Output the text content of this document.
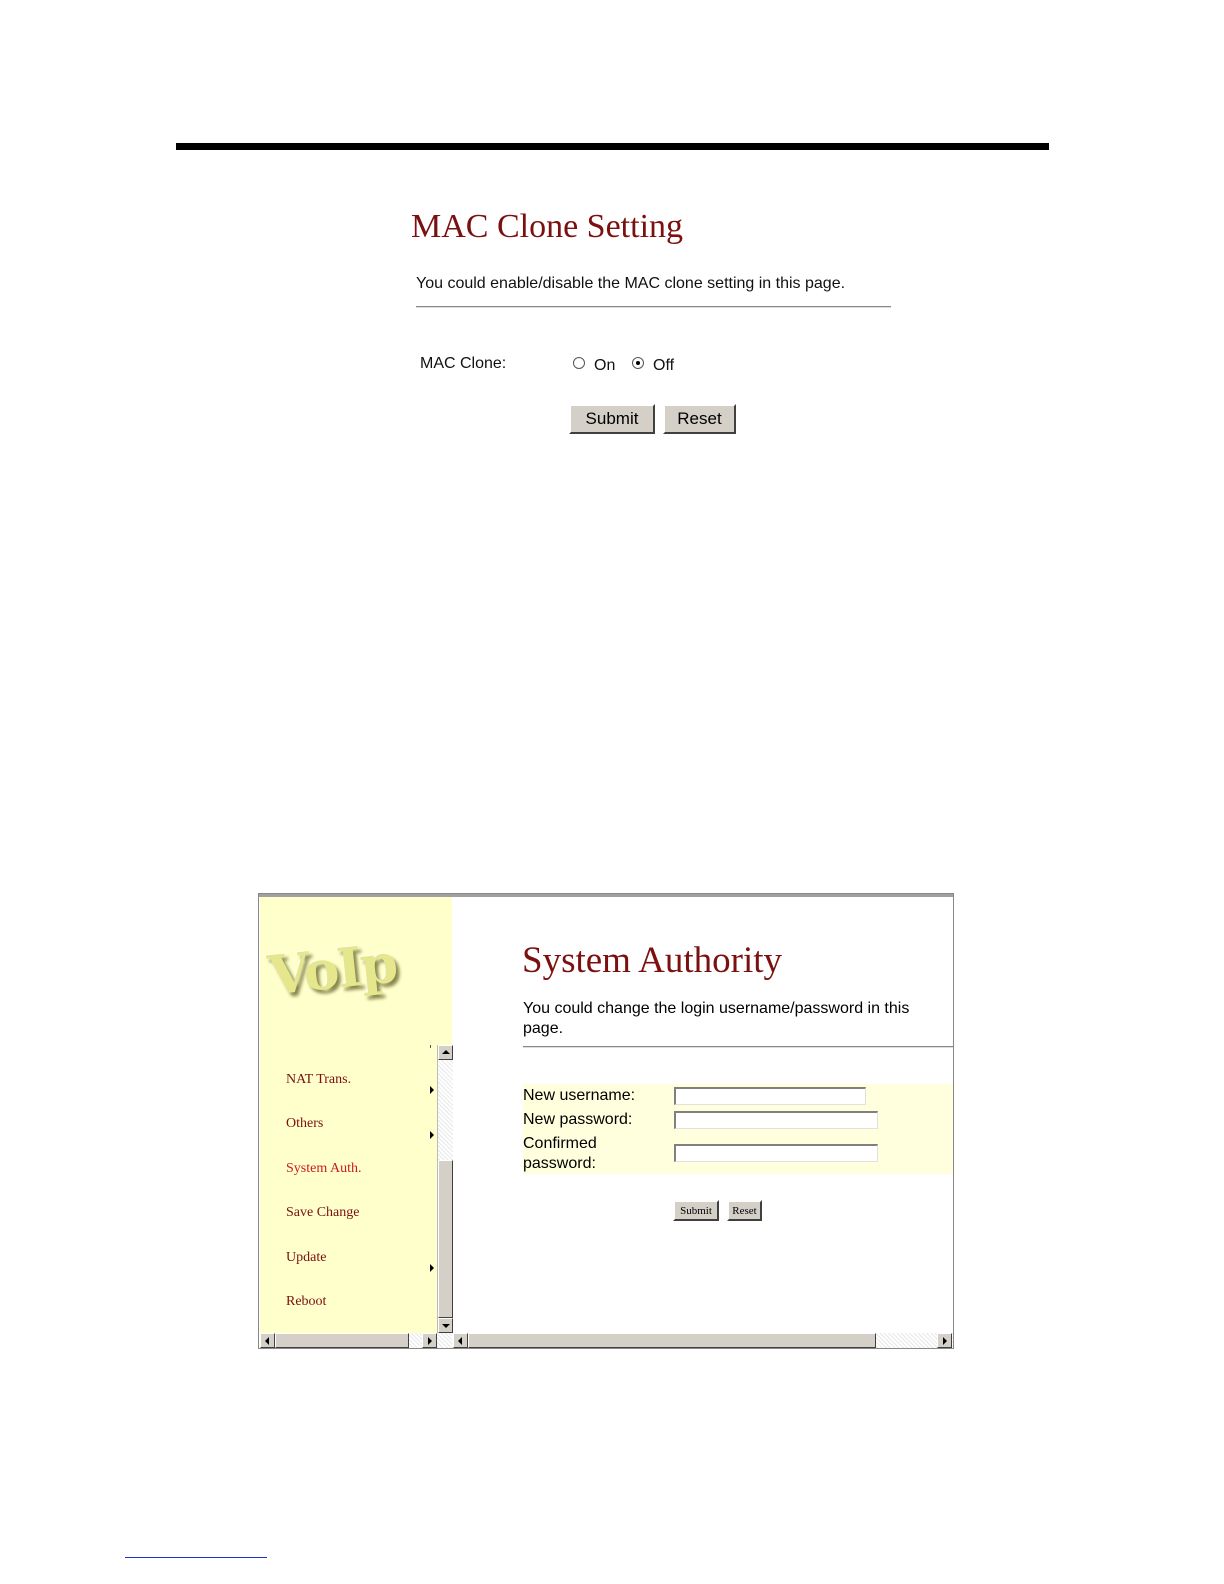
MAC Clone Setting
You could enable/disable the MAC clone setting in this page.
MAC Clone:	On Off
Submit	Reset
VoIp
NAT Trans.
Others
System Auth.
Save Change
Update
Reboot
System Authority
You could change the login username/password in this page.
New username:
New password:
Confirmed
password:
Submit	Reset
